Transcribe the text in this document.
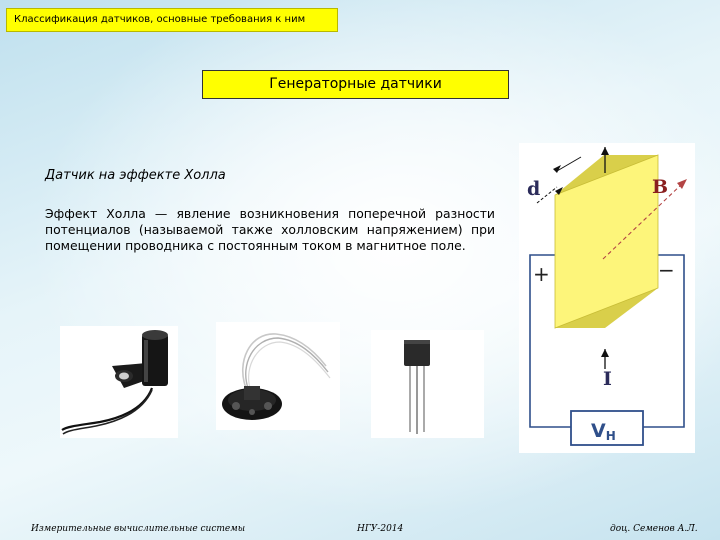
Классификация датчиков, основные требования к ним
Генераторные датчики
Датчик на эффекте Холла
Эффект Холла — явление возникновения поперечной разности потенциалов (называемой также холловским напряжением) при помещении проводника с постоянным током в магнитное поле.
d	B
+	−
I
VH
Измерительные вычислительные системы	НГУ-2014	доц. Семенов А.Л.
